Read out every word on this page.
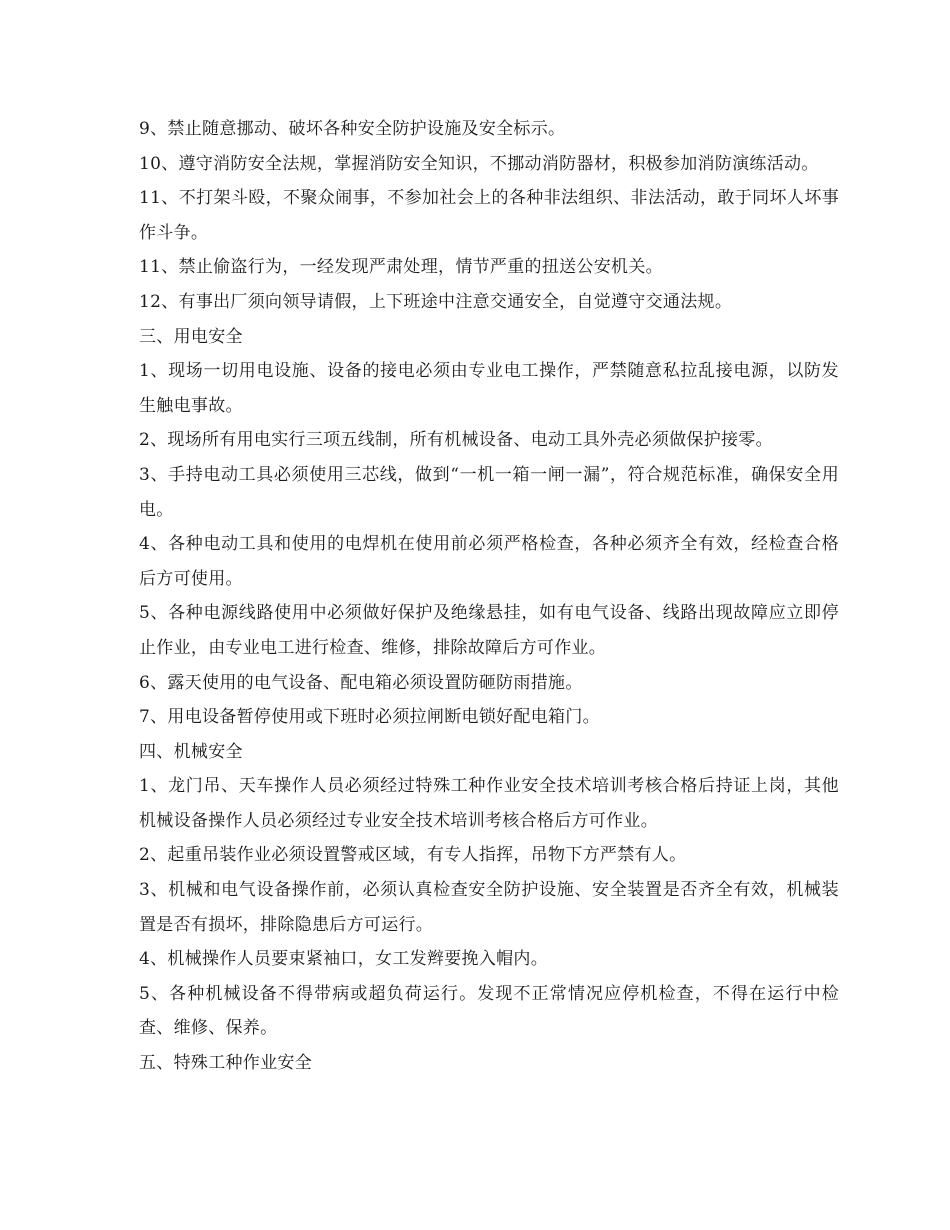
9、禁止随意挪动、破坏各种安全防护设施及安全标示。

10、遵守消防安全法规，掌握消防安全知识，不挪动消防器材，积极参加消防演练活动。

11、不打架斗殴，不聚众闹事，不参加社会上的各种非法组织、非法活动，敢于同坏人坏事作斗争。

11、禁止偷盗行为，一经发现严肃处理，情节严重的扭送公安机关。

12、有事出厂须向领导请假，上下班途中注意交通安全，自觉遵守交通法规。

三、用电安全

1、现场一切用电设施、设备的接电必须由专业电工操作，严禁随意私拉乱接电源，以防发生触电事故。

2、现场所有用电实行三项五线制，所有机械设备、电动工具外壳必须做保护接零。

3、手持电动工具必须使用三芯线，做到“一机一箱一闸一漏”，符合规范标准，确保安全用电。

4、各种电动工具和使用的电焊机在使用前必须严格检查，各种必须齐全有效，经检查合格后方可使用。

5、各种电源线路使用中必须做好保护及绝缘悬挂，如有电气设备、线路出现故障应立即停止作业，由专业电工进行检查、维修，排除故障后方可作业。

6、露天使用的电气设备、配电箱必须设置防砸防雨措施。

7、用电设备暂停使用或下班时必须拉闸断电锁好配电箱门。

四、机械安全

1、龙门吊、天车操作人员必须经过特殊工种作业安全技术培训考核合格后持证上岗，其他机械设备操作人员必须经过专业安全技术培训考核合格后方可作业。

2、起重吊装作业必须设置警戒区域，有专人指挥，吊物下方严禁有人。

3、机械和电气设备操作前，必须认真检查安全防护设施、安全装置是否齐全有效，机械装置是否有损坏，排除隐患后方可运行。

4、机械操作人员要束紧袖口，女工发辫要挽入帽内。

5、各种机械设备不得带病或超负荷运行。发现不正常情况应停机检查，不得在运行中检查、维修、保养。

五、特殊工种作业安全
